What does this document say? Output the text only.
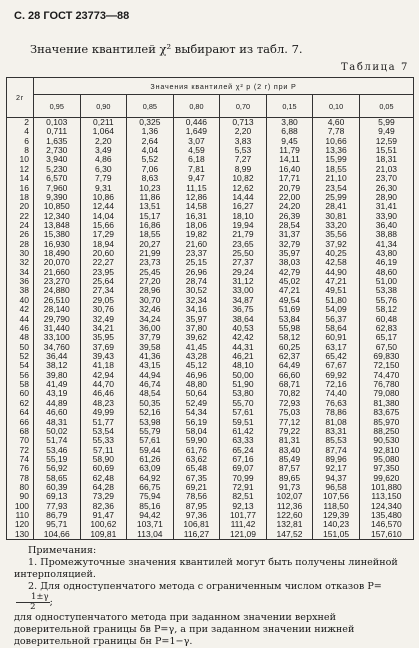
С. 28 ГОСТ 23773—88
Значение квантилей χ² выбирают из табл. 7.
Таблица 7
2r	Значения квантилей χ² p (2 r) при P							
	0,95	0,90	0,85	0,80	0,70	0,15	0,10	0,05
2	0,103	0,211	0,325	0,446	0,713	3,80	4,60	5,99
4	0,711	1,064	1,36	1,649	2,20	6,88	7,78	9,49
6	1,635	2,20	2,64	3,07	3,83	9,45	10,66	12,59
8	2,730	3,49	4,04	4,59	5,53	11,79	13,36	15,51
10	3,940	4,86	5,52	6,18	7,27	14,11	15,99	18,31
12	5,230	6,30	7,06	7,81	8,99	16,40	18,55	21,03
14	6,570	7,79	8,63	9,47	10,82	17,71	21,10	23,70
16	7,960	9,31	10,23	11,15	12,62	20,79	23,54	26,30
18	9,390	10,86	11,86	12,86	14,44	22,00	25,99	28,90
20	10,850	12,44	13,51	14,58	16,27	24,20	28,41	31,41
22	12,340	14,04	15,17	16,31	18,10	26,39	30,81	33,90
24	13,848	15,66	16,86	18,06	19,94	28,54	33,20	36,40
26	15,380	17,29	18,55	19,82	21,79	31,37	35,56	38,88
28	16,930	18,94	20,27	21,60	23,65	32,79	37,92	41,34
30	18,490	20,60	21,99	23,37	25,50	35,97	40,25	43,80
32	20,070	22,27	23,73	25,15	27,37	38,03	42,58	46,19
34	21,660	23,95	25,45	26,96	29,24	42,79	44,90	48,60
36	23,270	25,64	27,20	28,74	31,12	45,02	47,21	51,00
38	24,880	27,34	28,96	30,52	33,00	47,21	49,51	53,38
40	26,510	29,05	30,70	32,34	34,87	49,54	51,80	55,76
42	28,140	30,76	32,46	34,16	36,75	51,69	54,09	58,12
44	29,790	32,49	34,24	35,97	38,64	53,84	56,37	60,48
46	31,440	34,21	36,00	37,80	40,53	55,98	58,64	62,83
48	33,100	35,95	37,79	39,62	42,42	58,12	60,91	65,17
50	34,760	37,69	39,58	41,45	44,31	60,25	63,17	67,50
52	36,44	39,43	41,36	43,28	46,21	62,37	65,42	69,830
54	38,12	41,18	43,15	45,12	48,10	64,49	67,67	72,150
56	39,80	42,94	44,94	46,96	50,00	66,60	69,92	74,470
58	41,49	44,70	46,74	48,80	51,90	68,71	72,16	76,780
60	43,19	46,46	48,54	50,64	53,80	70,82	74,40	79,080
62	44,89	48,23	50,35	52,49	55,70	72,93	76,63	81,380
64	46,60	49,99	52,16	54,34	57,61	75,03	78,86	83,675
66	48,31	51,77	53,98	56,19	59,51	77,12	81,08	85,970
68	50,02	53,54	55,79	58,04	61,42	79,22	83,31	88,250
70	51,74	55,33	57,61	59,90	63,33	81,31	85,53	90,530
72	53,46	57,11	59,44	61,76	65,24	83,40	87,74	92,810
74	55,19	58,90	61,26	63,62	67,16	85,49	89,96	95,080
76	56,92	60,69	63,09	65,48	69,07	87,57	92,17	97,350
78	58,65	62,48	64,92	67,35	70,99	89,65	94,37	99,620
80	60,39	64,28	66,75	69,21	72,91	91,73	96,58	101,880
90	69,13	73,29	75,94	78,56	82,51	102,07	107,56	113,150
100	77,93	82,36	85,16	87,95	92,13	112,36	118,50	124,340
110	86,79	91,47	94,42	97,36	101,77	122,60	129,39	135,480
120	95,71	100,62	103,71	106,81	111,42	132,81	140,23	146,570
130	104,66	109,81	113,04	116,27	121,09	147,52	151,05	157,610
Примечания:
1. Промежуточные значения квантилей могут быть получены линейной интерполяцией.
2. Для одноступенчатого метода с ограниченным числом отказов P=
$\frac{1\pm\gamma}{2}$;
для одноступенчатого метода при заданном значении верхней доверительной границы δв P=γ, а при заданном значении нижней доверительной границы δн P=1−γ.
